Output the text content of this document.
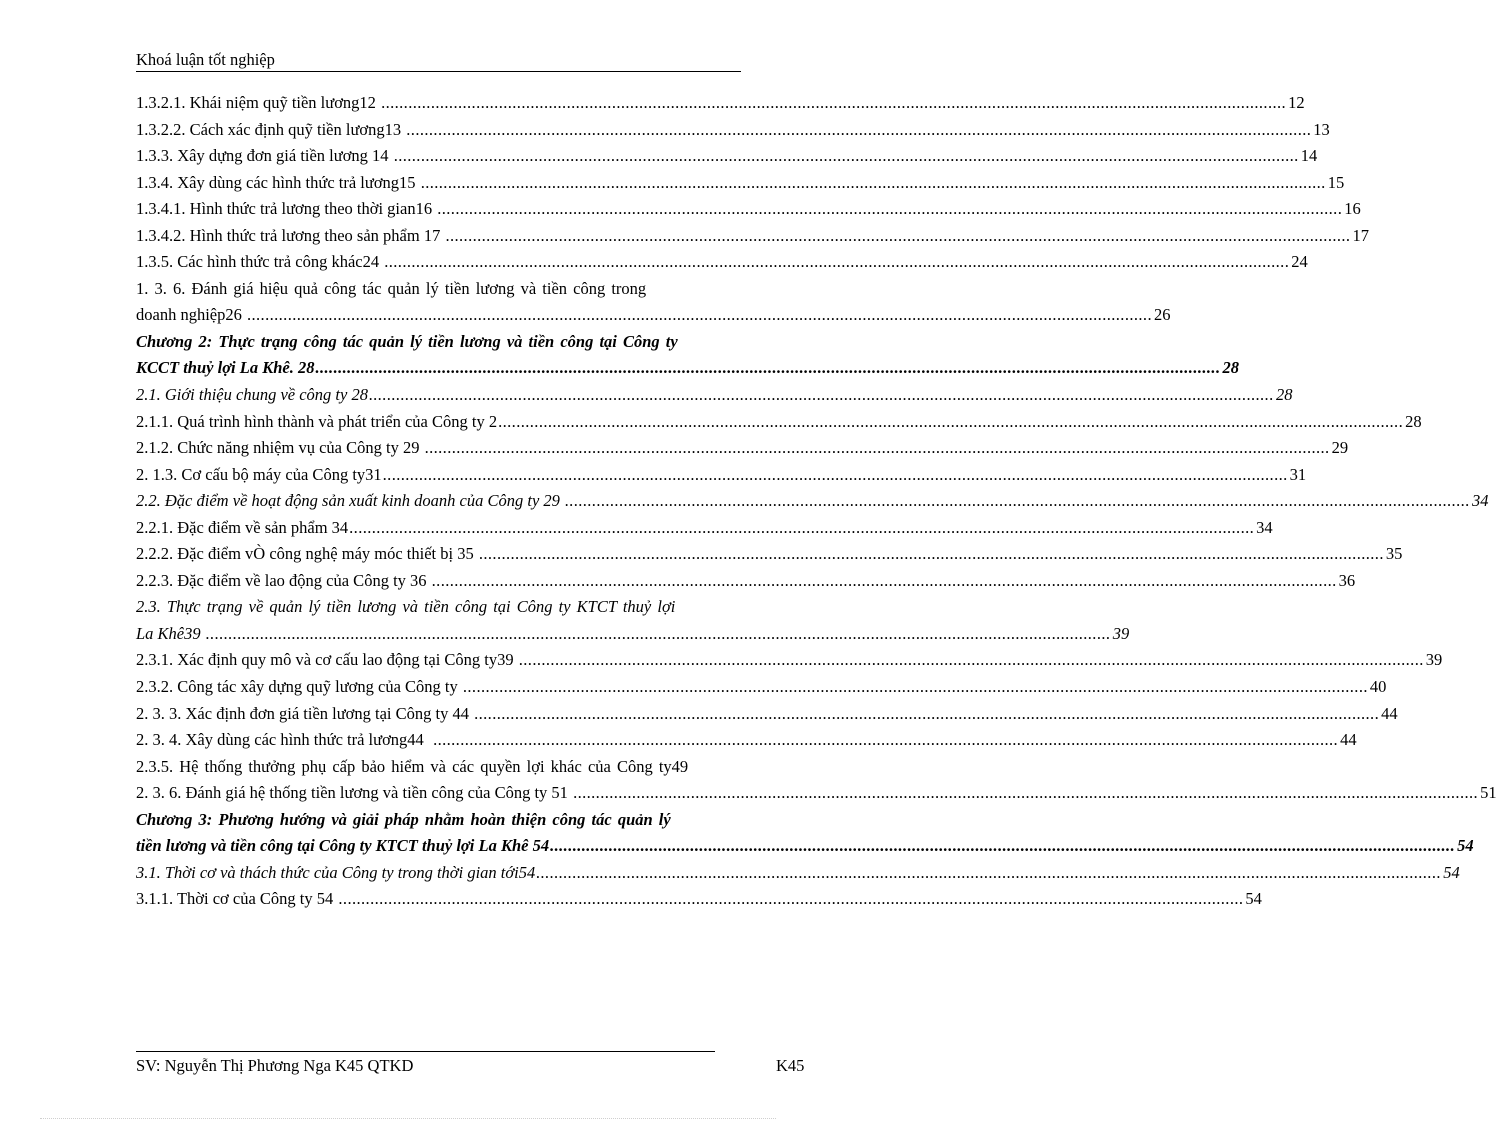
Khoá luận tốt nghiệp
1.3.2.1. Khái niệm quỹ tiền lương12 ........................................................................................................................................................................................................ 12
1.3.2.2. Cách xác định quỹ tiền lương13 ........................................................................................................................................................................................................ 13
1.3.3. Xây dựng đơn giá tiền lương 14 ........................................................................................................................................................................................................ 14
1.3.4. Xây dùng các hình thức trả lương15 ........................................................................................................................................................................................................ 15
1.3.4.1. Hình thức trả lương theo thời gian16 ........................................................................................................................................................................................................ 16
1.3.4.2. Hình thức trả lương theo sản phẩm 17 ........................................................................................................................................................................................................ 17
1.3.5. Các hình thức trả công khác24 ........................................................................................................................................................................................................ 24
1. 3. 6. Đánh giá hiệu quả công tác quản lý tiền lương và tiền công trong
doanh nghiệp26 ........................................................................................................................................................................................................ 26
Chương 2: Thực trạng công tác quản lý tiền lương và tiền công tại Công ty
KCCT thuỷ lợi La Khê. 28 ........................................................................................................................................................................................................ 28
2.1. Giới thiệu chung về công ty 28 ........................................................................................................................................................................................................ 28
2.1.1. Quá trình hình thành và phát triển của Công ty 2 ........................................................................................................................................................................................................ 28
2.1.2. Chức năng nhiệm vụ của Công ty 29 ........................................................................................................................................................................................................ 29
2. 1.3. Cơ cấu bộ máy của Công ty31 ........................................................................................................................................................................................................ 31
2.2. Đặc điểm về hoạt động sản xuất kinh doanh của Công ty 29 ........................................................................................................................................................................................................ 34
2.2.1. Đặc điểm về sản phẩm 34 ........................................................................................................................................................................................................ 34
2.2.2. Đặc điểm vÒ công nghệ máy móc thiết bị 35 ........................................................................................................................................................................................................ 35
2.2.3. Đặc điểm về lao động của Công ty 36 ........................................................................................................................................................................................................ 36
2.3. Thực trạng về quản lý tiền lương và tiền công tại Công ty KTCT thuỷ lợi
La Khê39 ........................................................................................................................................................................................................ 39
2.3.1. Xác định quy mô và cơ cấu lao động tại Công ty39 ........................................................................................................................................................................................................ 39
2.3.2. Công tác xây dựng quỹ lương của Công ty ........................................................................................................................................................................................................ 40
2. 3. 3. Xác định đơn giá tiền lương tại Công ty 44 ........................................................................................................................................................................................................ 44
2. 3. 4. Xây dùng các hình thức trả lương44 ........................................................................................................................................................................................................ 44
2.3.5. Hệ thống thưởng phụ cấp bảo hiểm và các quyền lợi khác của Công ty49
2. 3. 6. Đánh giá hệ thống tiền lương và tiền công của Công ty 51 ........................................................................................................................................................................................................ 51
Chương 3: Phương hướng và giải pháp nhằm hoàn thiện công tác quản lý
tiền lương và tiền công tại Công ty KTCT thuỷ lợi La Khê 54 ........................................................................................................................................................................................................ 54
3.1. Thời cơ và thách thức của Công ty trong thời gian tới54 ........................................................................................................................................................................................................ 54
3.1.1. Thời cơ của Công ty 54 ........................................................................................................................................................................................................ 54
SV: Nguyễn Thị Phương Nga K45 QTKD	K45
